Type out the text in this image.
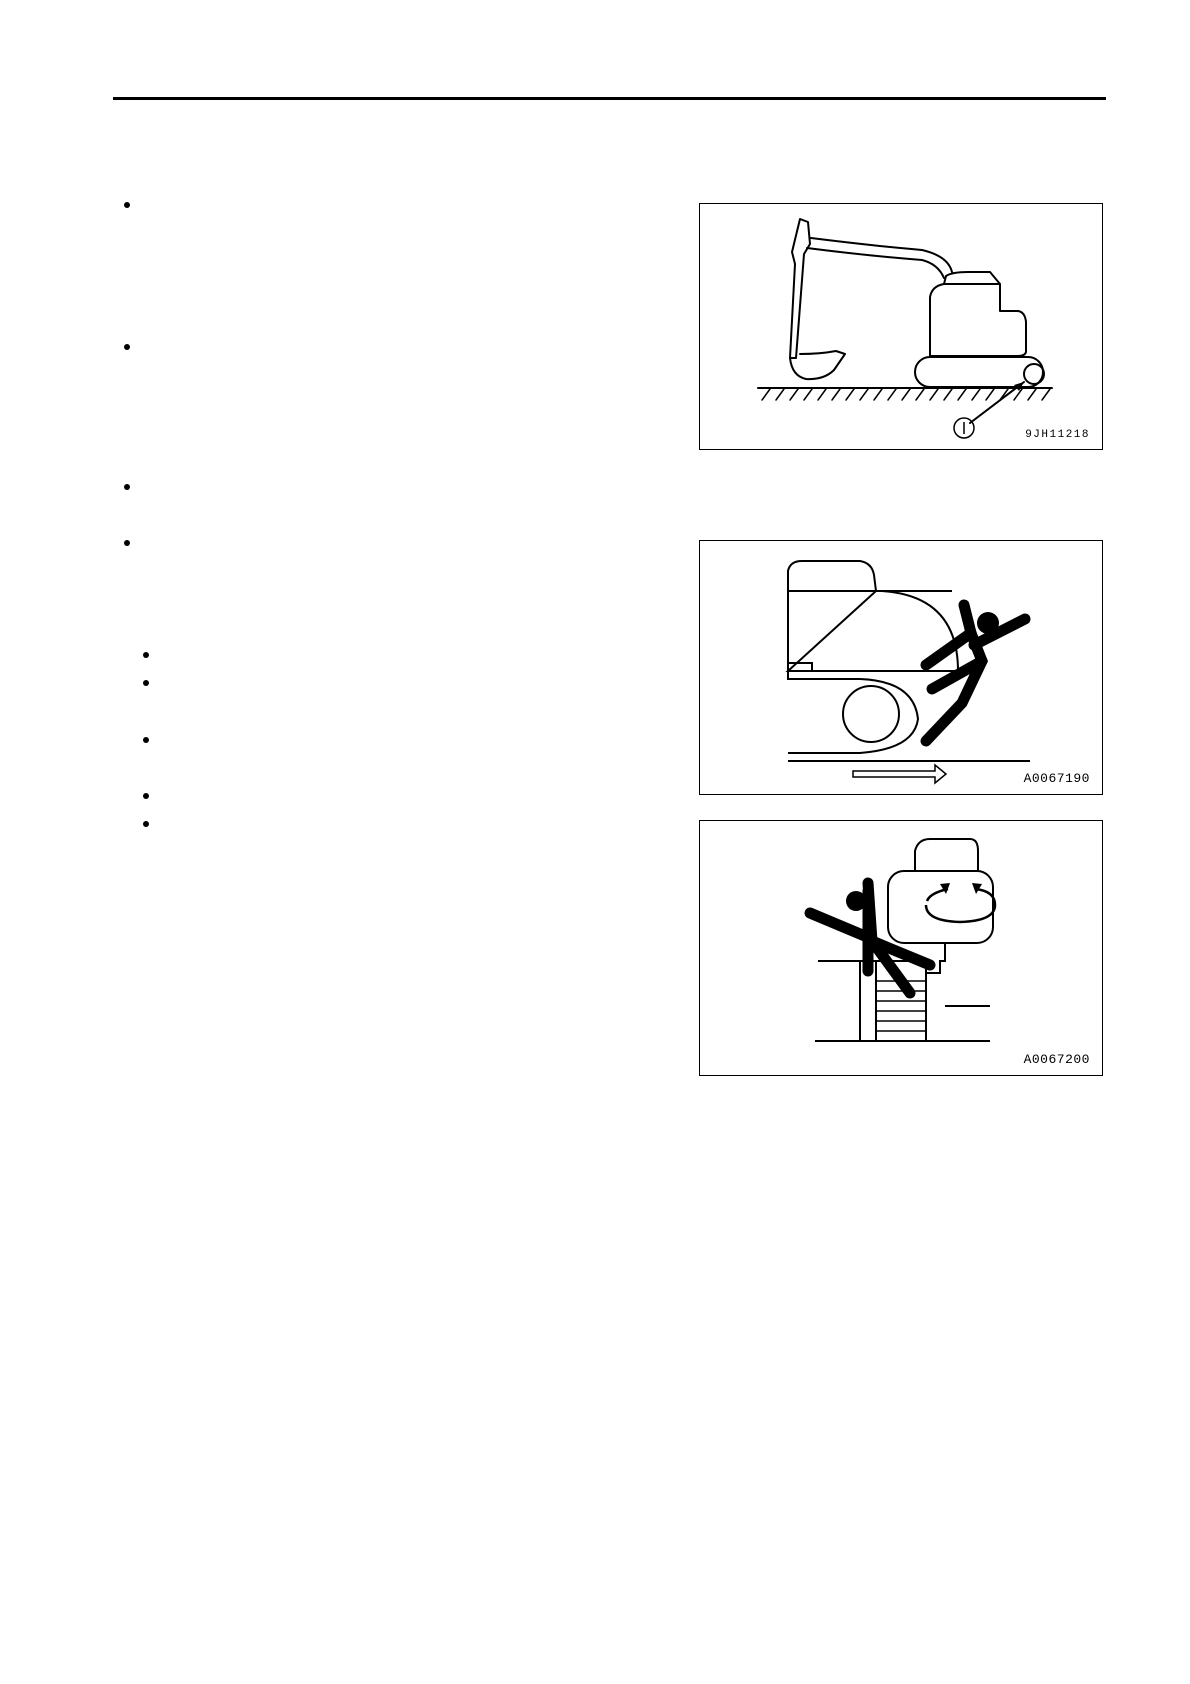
9JH11218
A0067190
A0067200
